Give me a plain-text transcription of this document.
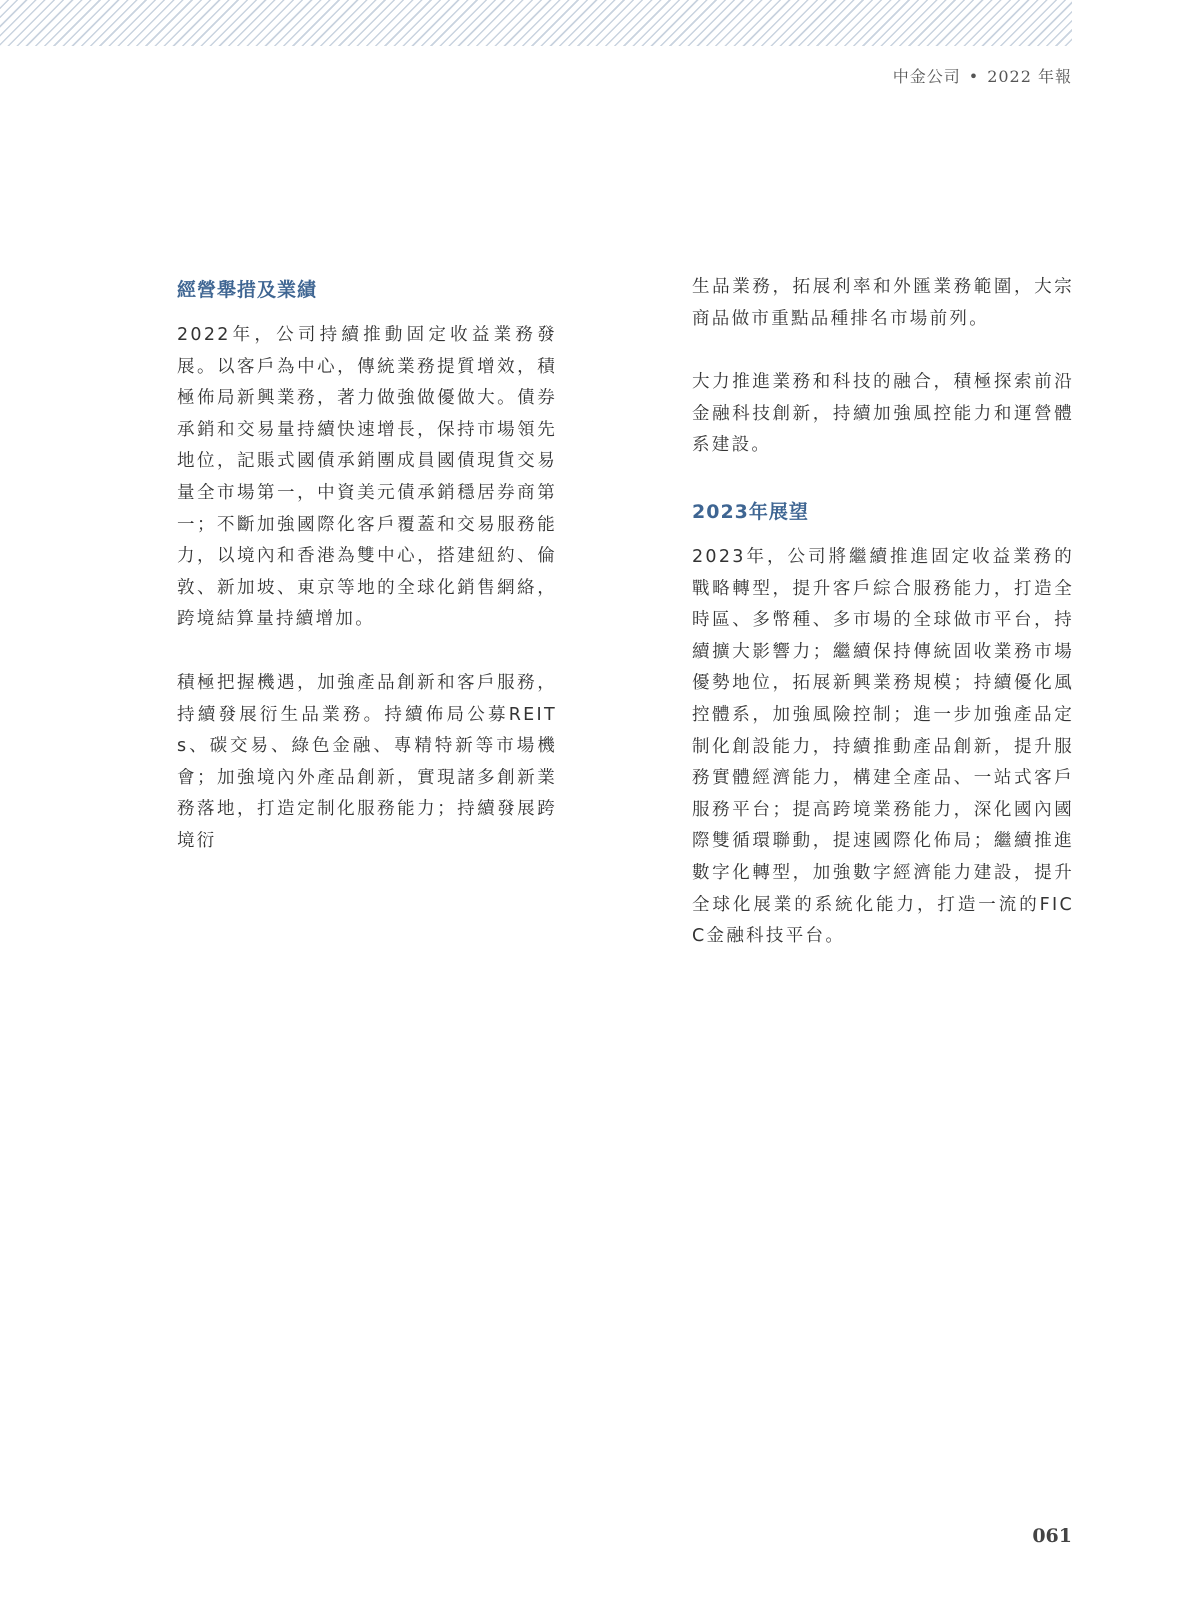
中金公司 • 2022 年報
經營舉措及業績

2022年，公司持續推動固定收益業務發展。以客戶為中心，傳統業務提質增效，積極佈局新興業務，著力做強做優做大。債券承銷和交易量持續快速增長，保持市場領先地位，記賬式國債承銷團成員國債現貨交易量全市場第一，中資美元債承銷穩居券商第一；不斷加強國際化客戶覆蓋和交易服務能力，以境內和香港為雙中心，搭建紐約、倫敦、新加坡、東京等地的全球化銷售網絡，跨境結算量持續增加。

積極把握機遇，加強產品創新和客戶服務，持續發展衍生品業務。持續佈局公募REITs、碳交易、綠色金融、專精特新等市場機會；加強境內外產品創新，實現諸多創新業務落地，打造定制化服務能力；持續發展跨境衍

生品業務，拓展利率和外匯業務範圍，大宗商品做市重點品種排名市場前列。

大力推進業務和科技的融合，積極探索前沿金融科技創新，持續加強風控能力和運營體系建設。

2023年展望

2023年，公司將繼續推進固定收益業務的戰略轉型，提升客戶綜合服務能力，打造全時區、多幣種、多市場的全球做市平台，持續擴大影響力；繼續保持傳統固收業務市場優勢地位，拓展新興業務規模；持續優化風控體系，加強風險控制；進一步加強產品定制化創設能力，持續推動產品創新，提升服務實體經濟能力，構建全產品、一站式客戶服務平台；提高跨境業務能力，深化國內國際雙循環聯動，提速國際化佈局；繼續推進數字化轉型，加強數字經濟能力建設，提升全球化展業的系統化能力，打造一流的FICC金融科技平台。

061
